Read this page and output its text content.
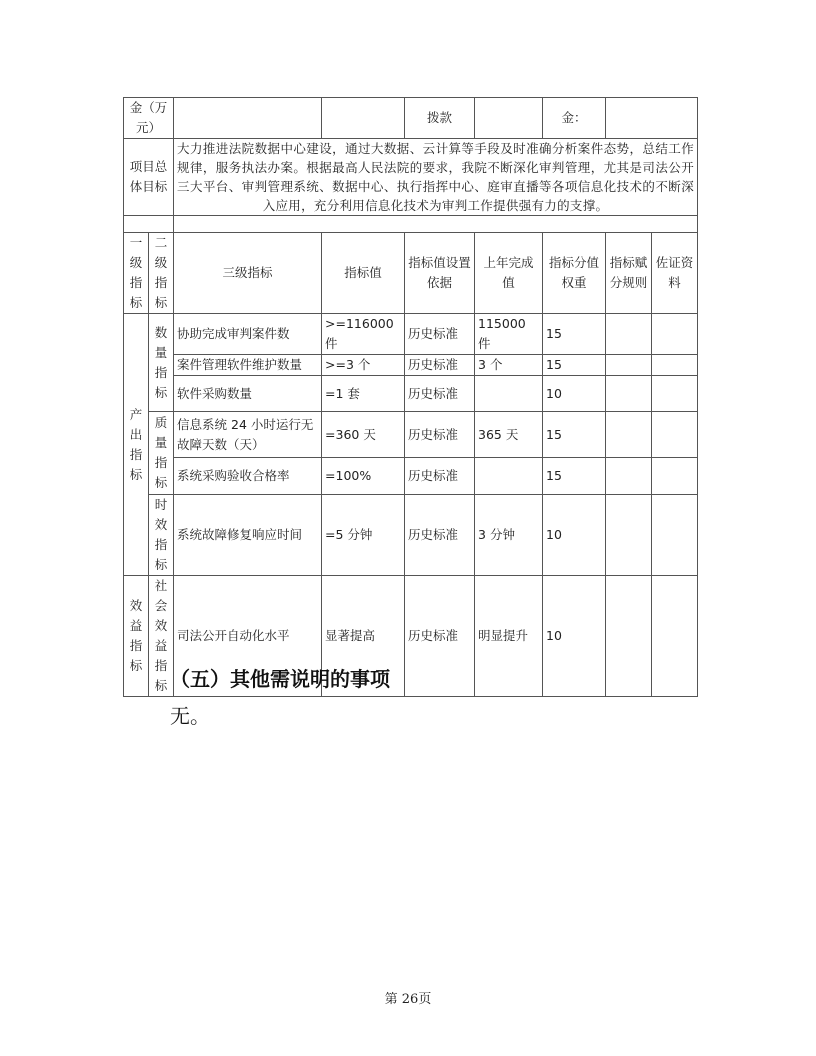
金（万元）				拨款		金：		
项目总体目标		大力推进法院数据中心建设，通过大数据、云计算等手段及时准确分析案件态势，总结工作规律，服务执法办案。根据最高人民法院的要求，我院不断深化审判管理，尤其是司法公开三大平台、审判管理系统、数据中心、执行指挥中心、庭审直播等各项信息化技术的不断深入应用，充分利用信息化技术为审判工作提供强有力的支撑。						

一级指标	二级指标	三级指标	指标值	指标值设置依据	上年完成值	指标分值权重	指标赋分规则	佐证资料
产出指标	数量指标	协助完成审判案件数	>=116000 件	历史标准	115000 件	15		
		案件管理软件维护数量	>=3 个	历史标准	3 个	15		
		软件采购数量	=1 套	历史标准		10		
	质量指标	信息系统 24 小时运行无故障天数（天）	=360 天	历史标准	365 天	15		
		系统采购验收合格率	=100%	历史标准		15		
	时效指标	系统故障修复响应时间	=5 分钟	历史标准	3 分钟	10		
效益指标	社会效益指标	司法公开自动化水平	显著提高	历史标准	明显提升	10		

（五）其他需说明的事项

无。

第 26页
